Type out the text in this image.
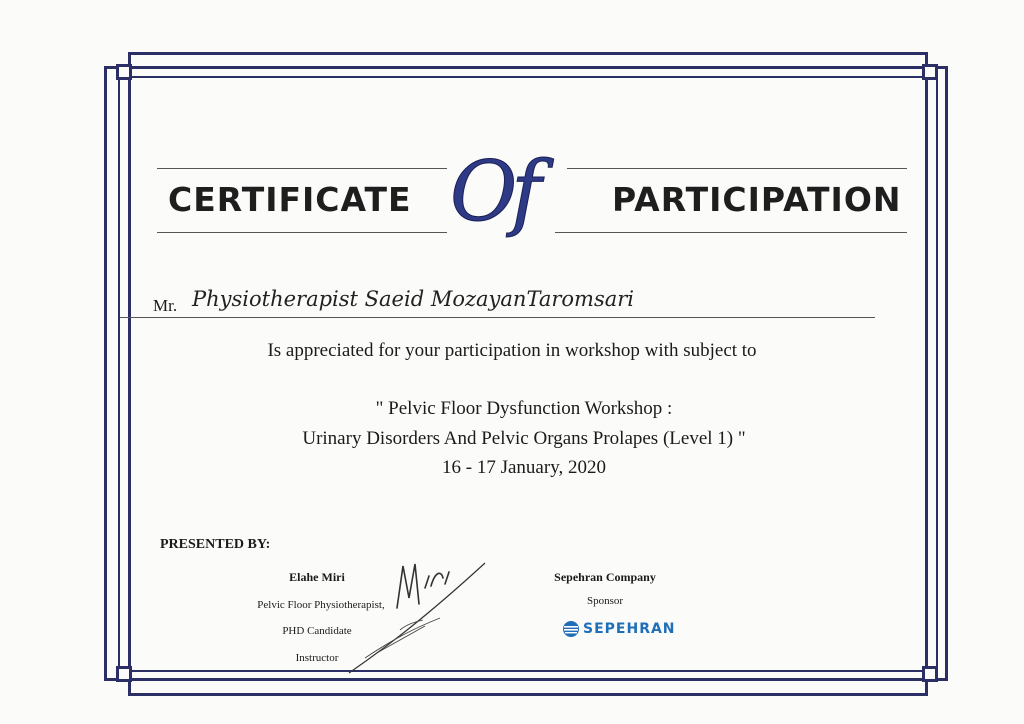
CERTIFICATE Of PARTICIPATION
Mr. Physiotherapist Saeid MozayanTaromsari
Is appreciated for your participation in workshop with subject to
" Pelvic Floor Dysfunction Workshop :
Urinary Disorders And Pelvic Organs Prolapes (Level 1) "
16 - 17 January, 2020
PRESENTED BY:
Elahe Miri
Pelvic Floor Physiotherapist,
PHD Candidate
Instructor
Sepehran Company
Sponsor
SEPEHRAN
